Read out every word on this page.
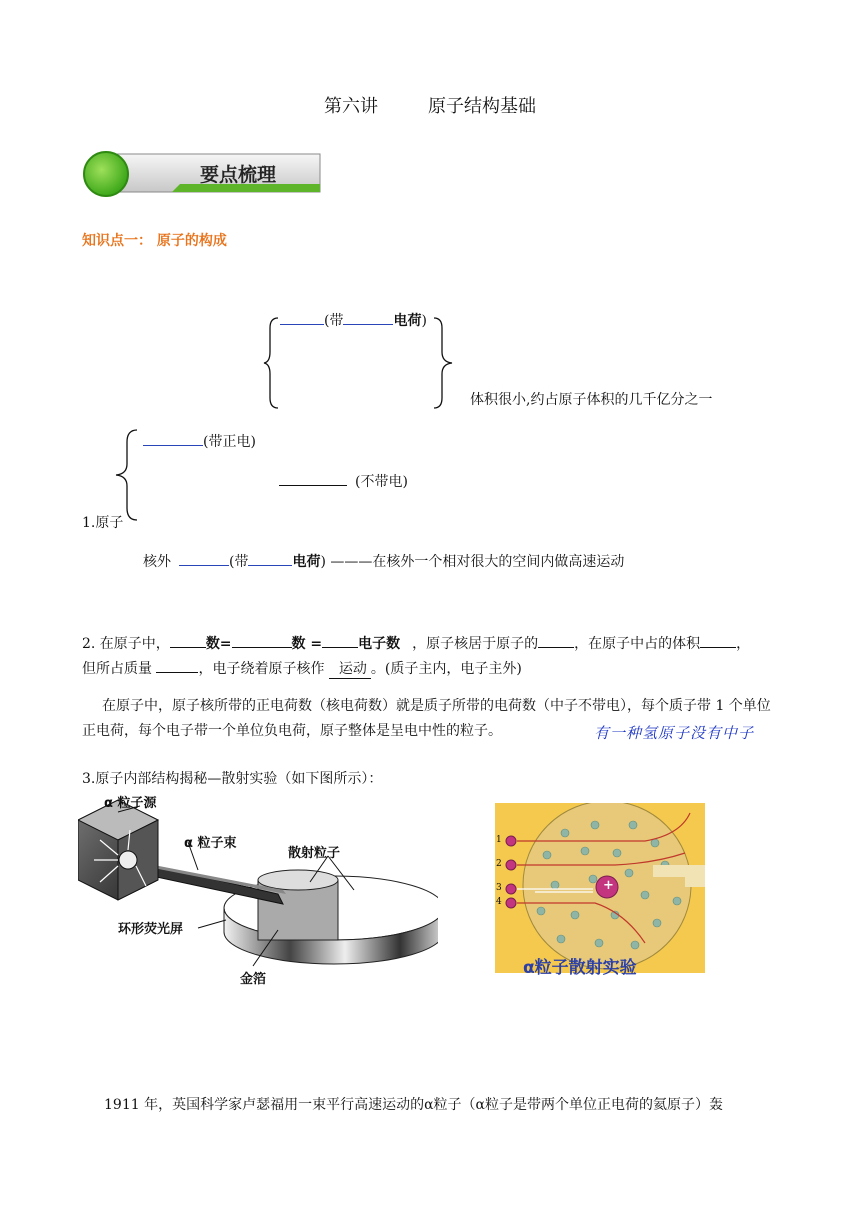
第六讲	原子结构基础
要点梳理
知识点一： 原子的构成
(带	电荷)
体积很小,约占原子体积的几千亿分之一
(带正电)
(不带电)
1.原子
核外	(带	电荷) ———在核外一个相对很大的空间内做高速运动
2. 在原子中，	数=	数 =	电子数 ，原子核居于原子的	，在原子中占的体积	，
但所占质量	，电子绕着原子核作 运动 。(质子主内，电子主外)
在原子中，原子核所带的正电荷数（核电荷数）就是质子所带的电荷数（中子不带电），每个质子带 1 个单位正电荷，每个电子带一个单位负电荷，原子整体是呈电中性的粒子。	有一种氢原子没有中子
3.原子内部结构揭秘—散射实验（如下图所示）：
α 粒子源
α 粒子束
散射粒子
环形荧光屏
金箔
+
1
2
3
4
α粒子散射实验
1911 年，英国科学家卢瑟福用一束平行高速运动的α粒子（α粒子是带两个单位正电荷的氦原子）轰
